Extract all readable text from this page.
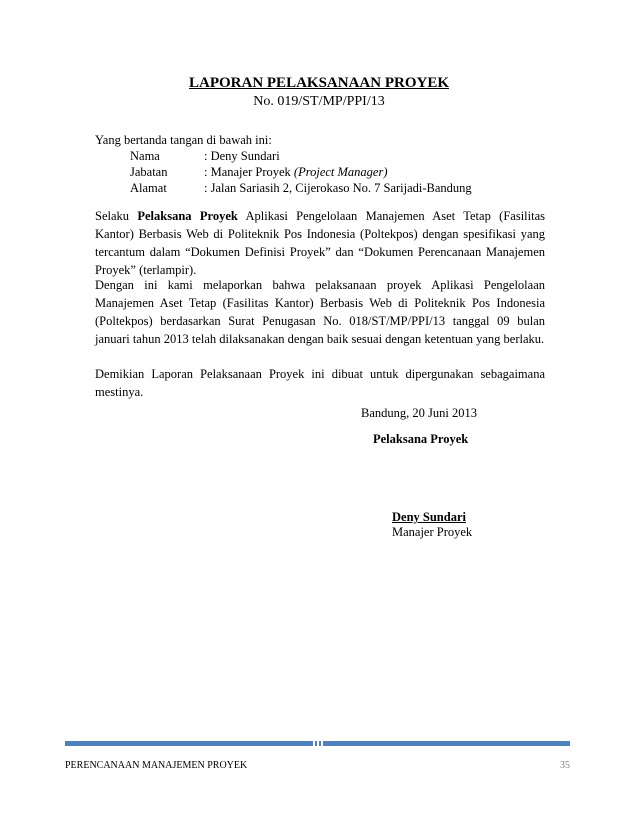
LAPORAN PELAKSANAAN PROYEK
No. 019/ST/MP/PPI/13
Yang bertanda tangan di bawah ini:
Nama	: Deny Sundari
Jabatan	: Manajer Proyek (Project Manager)
Alamat	: Jalan Sariasih 2, Cijerokaso No. 7 Sarijadi-Bandung
Selaku Pelaksana Proyek Aplikasi Pengelolaan Manajemen Aset Tetap (Fasilitas Kantor) Berbasis Web di Politeknik Pos Indonesia (Poltekpos) dengan spesifikasi yang tercantum dalam “Dokumen Definisi Proyek” dan “Dokumen Perencanaan Manajemen Proyek” (terlampir).
Dengan ini kami melaporkan bahwa pelaksanaan proyek Aplikasi Pengelolaan Manajemen Aset Tetap (Fasilitas Kantor) Berbasis Web di Politeknik Pos Indonesia (Poltekpos) berdasarkan Surat Penugasan No. 018/ST/MP/PPI/13 tanggal 09 bulan januari tahun 2013 telah dilaksanakan dengan baik sesuai dengan ketentuan yang berlaku.
Demikian Laporan Pelaksanaan Proyek ini dibuat untuk dipergunakan sebagaimana mestinya.
Bandung, 20 Juni 2013
Pelaksana Proyek
Deny Sundari
Manajer Proyek
PERENCANAAN MANAJEMEN PROYEK	35
